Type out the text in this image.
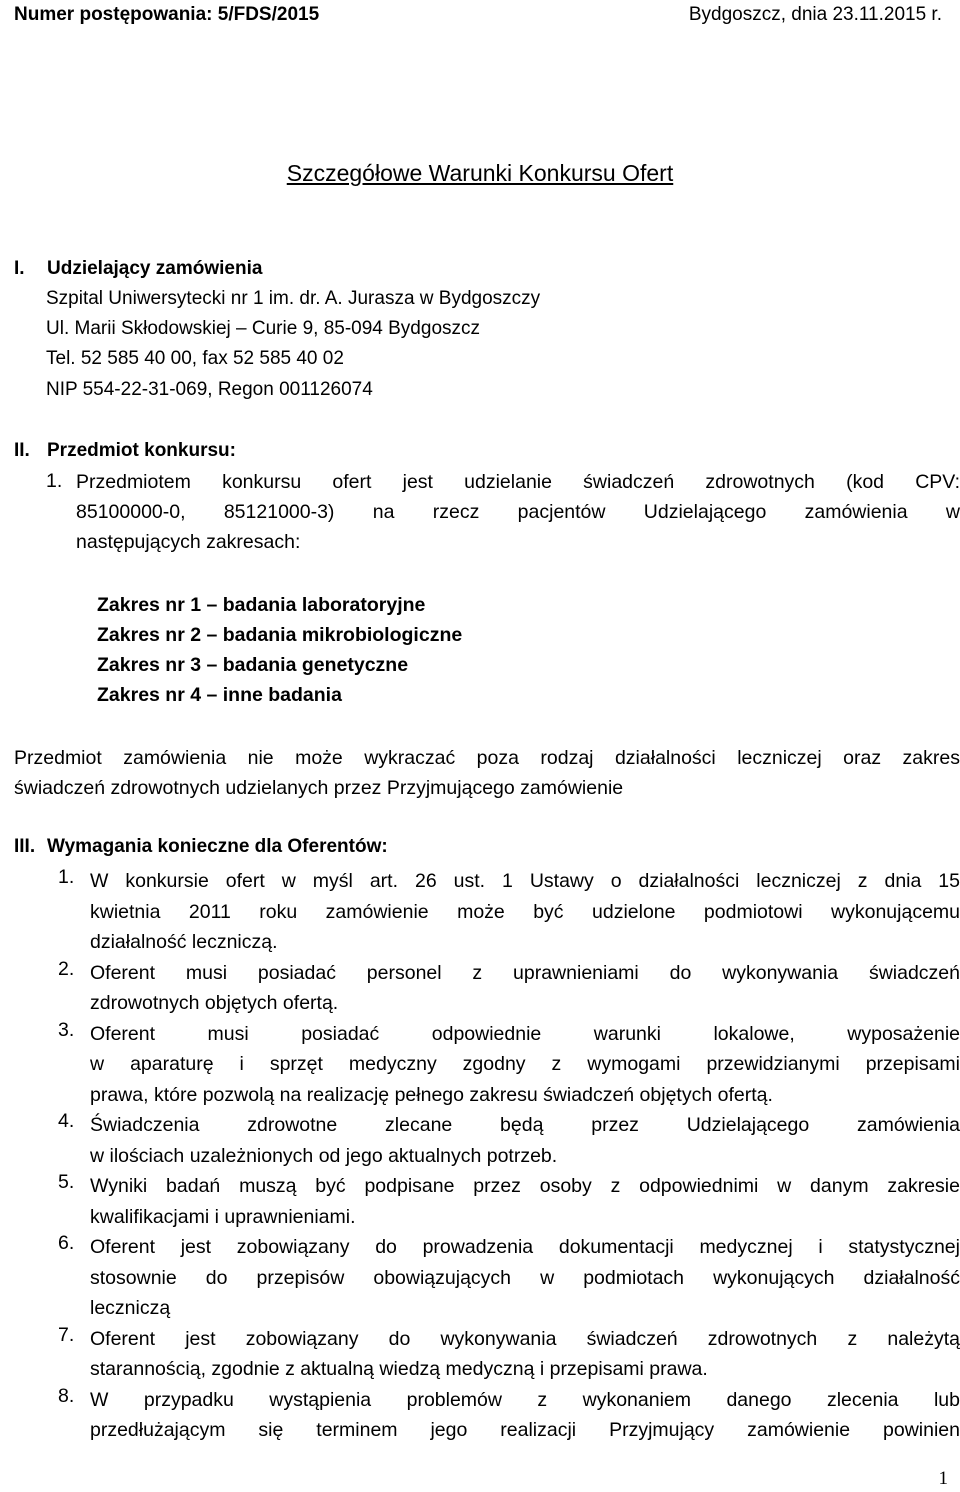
Numer postępowania: 5/FDS/2015	Bydgoszcz, dnia 23.11.2015 r.
Szczegółowe Warunki Konkursu Ofert
I. Udzielający zamówienia
Szpital Uniwersytecki nr 1 im. dr. A. Jurasza w Bydgoszczy
Ul. Marii Skłodowskiej – Curie 9, 85-094 Bydgoszcz
Tel. 52 585 40 00, fax 52 585 40 02
NIP 554-22-31-069, Regon 001126074
II. Przedmiot konkursu:
1. Przedmiotem konkursu ofert jest udzielanie świadczeń zdrowotnych (kod CPV:
85100000-0, 85121000-3) na rzecz pacjentów Udzielającego zamówienia w
następujących zakresach:
Zakres nr 1 – badania laboratoryjne
Zakres nr 2 – badania mikrobiologiczne
Zakres nr 3 – badania genetyczne
Zakres nr 4 – inne badania
Przedmiot zamówienia nie może wykraczać poza rodzaj działalności leczniczej oraz zakres
świadczeń zdrowotnych udzielanych przez Przyjmującego zamówienie
III. Wymagania konieczne dla Oferentów:
1. W konkursie ofert w myśl art. 26 ust. 1 Ustawy o działalności leczniczej z dnia 15
kwietnia 2011 roku zamówienie może być udzielone podmiotowi wykonującemu
działalność leczniczą.
2. Oferent musi posiadać personel z uprawnieniami do wykonywania świadczeń
zdrowotnych objętych ofertą.
3. Oferent musi posiadać odpowiednie warunki lokalowe, wyposażenie
w aparaturę i sprzęt medyczny zgodny z wymogami przewidzianymi przepisami
prawa, które pozwolą na realizację pełnego zakresu świadczeń objętych ofertą.
4. Świadczenia zdrowotne zlecane będą przez Udzielającego zamówienia
w ilościach uzależnionych od jego aktualnych potrzeb.
5. Wyniki badań muszą być podpisane przez osoby z odpowiednimi w danym zakresie
kwalifikacjami i uprawnieniami.
6. Oferent jest zobowiązany do prowadzenia dokumentacji medycznej i statystycznej
stosownie do przepisów obowiązujących w podmiotach wykonujących działalność
leczniczą
7. Oferent jest zobowiązany do wykonywania świadczeń zdrowotnych z należytą
starannością, zgodnie z aktualną wiedzą medyczną i przepisami prawa.
8. W przypadku wystąpienia problemów z wykonaniem danego zlecenia lub
przedłużającym się terminem jego realizacji Przyjmujący zamówienie powinien
1
